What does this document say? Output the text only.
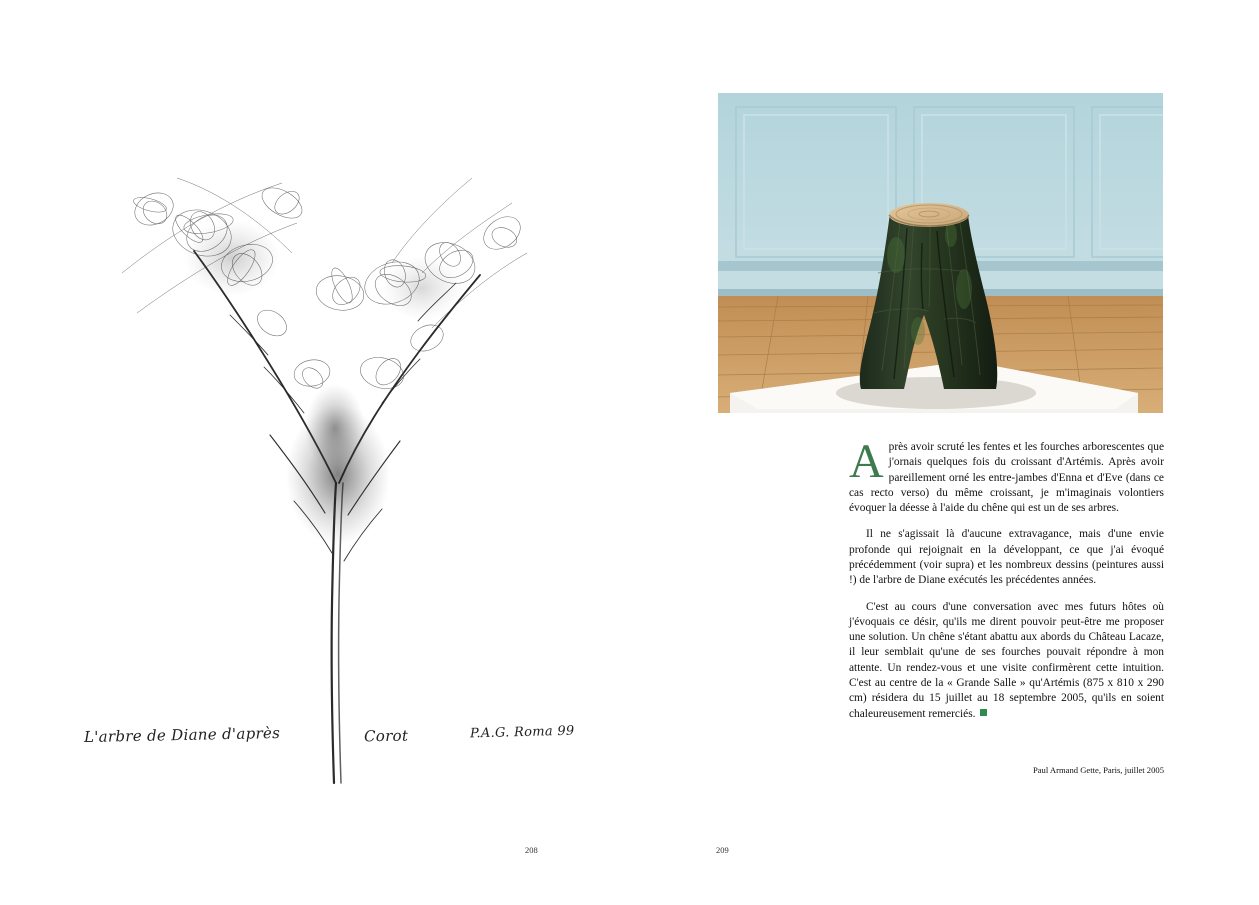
L'arbre de Diane d'après	Corot	P.A.G. Roma 99
208

Après avoir scruté les fentes et les fourches arborescentes que j'ornais quelques fois du croissant d'Artémis. Après avoir pareillement orné les entre-jambes d'Enna et d'Eve (dans ce cas recto verso) du même croissant, je m'imaginais volontiers évoquer la déesse à l'aide du chêne qui est un de ses arbres.

Il ne s'agissait là d'aucune extravagance, mais d'une envie profonde qui rejoignait en la développant, ce que j'ai évoqué précédemment (voir supra) et les nombreux dessins (peintures aussi !) de l'arbre de Diane exécutés les précédentes années.

C'est au cours d'une conversation avec mes futurs hôtes où j'évoquais ce désir, qu'ils me dirent pouvoir peut-être me proposer une solution. Un chêne s'étant abattu aux abords du Château Lacaze, il leur semblait qu'une de ses fourches pouvait répondre à mon attente. Un rendez-vous et une visite confirmèrent cette intuition. C'est au centre de la « Grande Salle » qu'Artémis (875 x 810 x 290 cm) résidera du 15 juillet au 18 septembre 2005, qu'ils en soient chaleureusement remerciés.

Paul Armand Gette, Paris, juillet 2005
209
